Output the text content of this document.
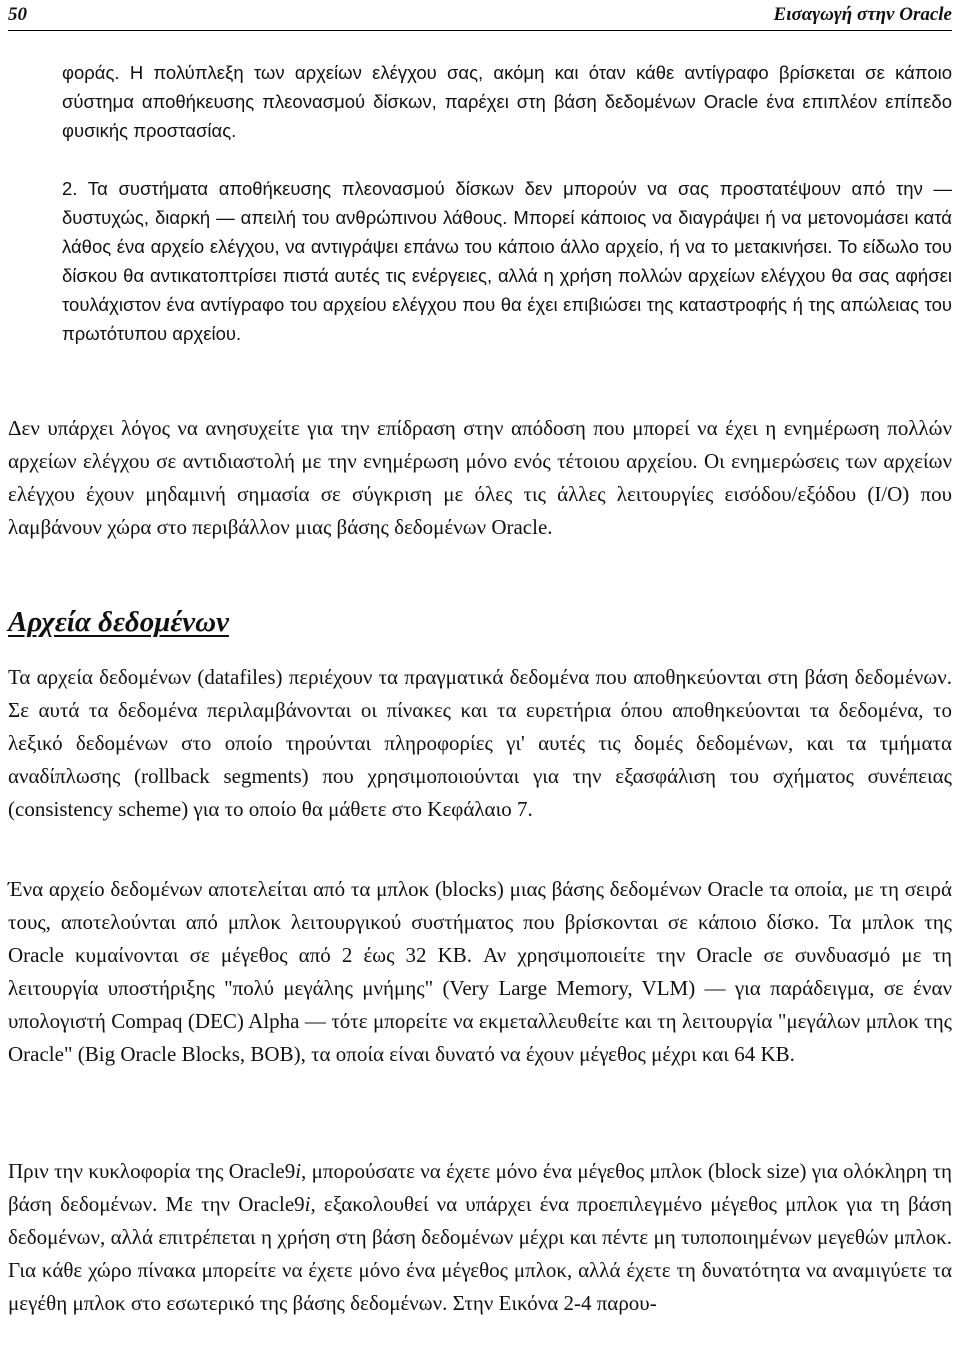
50	Εισαγωγή στην Oracle

φοράς. Η πολύπλεξη των αρχείων ελέγχου σας, ακόμη και όταν κάθε αντίγραφο βρίσκεται σε κάποιο σύστημα αποθήκευσης πλεονασμού δίσκων, παρέχει στη βάση δεδομένων Oracle ένα επιπλέον επίπεδο φυσικής προστασίας.

2. Τα συστήματα αποθήκευσης πλεονασμού δίσκων δεν μπορούν να σας προστατέψουν από την — δυστυχώς, διαρκή — απειλή του ανθρώπινου λάθους. Μπορεί κάποιος να διαγράψει ή να μετονομάσει κατά λάθος ένα αρχείο ελέγχου, να αντιγράψει επάνω του κάποιο άλλο αρχείο, ή να το μετακινήσει. Το είδωλο του δίσκου θα αντικατοπτρίσει πιστά αυτές τις ενέργειες, αλλά η χρήση πολλών αρχείων ελέγχου θα σας αφήσει τουλάχιστον ένα αντίγραφο του αρχείου ελέγχου που θα έχει επιβιώσει της καταστροφής ή της απώλειας του πρωτότυπου αρχείου.

Δεν υπάρχει λόγος να ανησυχείτε για την επίδραση στην απόδοση που μπορεί να έχει η ενημέρωση πολλών αρχείων ελέγχου σε αντιδιαστολή με την ενημέρωση μόνο ενός τέτοιου αρχείου. Οι ενημερώσεις των αρχείων ελέγχου έχουν μηδαμινή σημασία σε σύγκριση με όλες τις άλλες λειτουργίες εισόδου/εξόδου (I/O) που λαμβάνουν χώρα στο περιβάλλον μιας βάσης δεδομένων Oracle.

Αρχεία δεδομένων

Τα αρχεία δεδομένων (datafiles) περιέχουν τα πραγματικά δεδομένα που αποθηκεύονται στη βάση δεδομένων. Σε αυτά τα δεδομένα περιλαμβάνονται οι πίνακες και τα ευρετήρια όπου αποθηκεύονται τα δεδομένα, το λεξικό δεδομένων στο οποίο τηρούνται πληροφορίες γι' αυτές τις δομές δεδομένων, και τα τμήματα αναδίπλωσης (rollback segments) που χρησιμοποιούνται για την εξασφάλιση του σχήματος συνέπειας (consistency scheme) για το οποίο θα μάθετε στο Κεφάλαιο 7.

Ένα αρχείο δεδομένων αποτελείται από τα μπλοκ (blocks) μιας βάσης δεδομένων Oracle τα οποία, με τη σειρά τους, αποτελούνται από μπλοκ λειτουργικού συστήματος που βρίσκονται σε κάποιο δίσκο. Τα μπλοκ της Oracle κυμαίνονται σε μέγεθος από 2 έως 32 KB. Αν χρησιμοποιείτε την Oracle σε συνδυασμό με τη λειτουργία υποστήριξης "πολύ μεγάλης μνήμης" (Very Large Memory, VLM) — για παράδειγμα, σε έναν υπολογιστή Compaq (DEC) Alpha — τότε μπορείτε να εκμεταλλευθείτε και τη λειτουργία "μεγάλων μπλοκ της Oracle" (Big Oracle Blocks, BOB), τα οποία είναι δυνατό να έχουν μέγεθος μέχρι και 64 KB.

Πριν την κυκλοφορία της Oracle9i, μπορούσατε να έχετε μόνο ένα μέγεθος μπλοκ (block size) για ολόκληρη τη βάση δεδομένων. Με την Oracle9i, εξακολουθεί να υπάρχει ένα προεπιλεγμένο μέγεθος μπλοκ για τη βάση δεδομένων, αλλά επιτρέπεται η χρήση στη βάση δεδομένων μέχρι και πέντε μη τυποποιημένων μεγεθών μπλοκ. Για κάθε χώρο πίνακα μπορείτε να έχετε μόνο ένα μέγεθος μπλοκ, αλλά έχετε τη δυνατότητα να αναμιγύετε τα μεγέθη μπλοκ στο εσωτερικό της βάσης δεδομένων. Στην Εικόνα 2-4 παρου-
